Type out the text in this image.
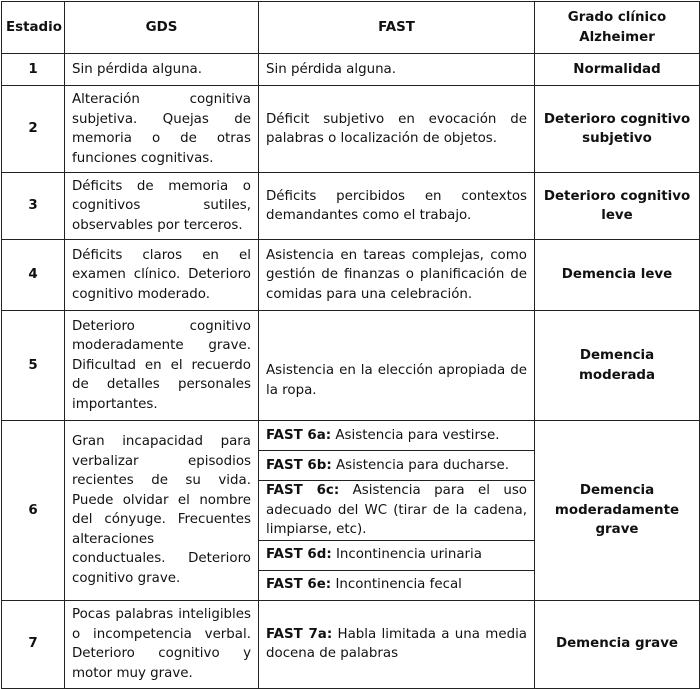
Estadio	GDS	FAST	Grado clínico Alzheimer
1	Sin pérdida alguna.	Sin pérdida alguna.	Normalidad
2	Alteración cognitiva subjetiva. Quejas de memoria o de otras funciones cognitivas.	Déficit subjetivo en evocación de palabras o localización de objetos.	Deterioro cognitivo subjetivo
3	Déficits de memoria o cognitivos sutiles, observables por terceros.	Déficits percibidos en contextos demandantes como el trabajo.	Deterioro cognitivo leve
4	Déficits claros en el examen clínico. Deterioro cognitivo moderado.	Asistencia en tareas complejas, como gestión de finanzas o planificación de comidas para una celebración.	Demencia leve
5	Deterioro cognitivo moderadamente grave. Dificultad en el recuerdo de detalles personales importantes.	Asistencia en la elección apropiada de la ropa.	Demencia moderada
6	Gran incapacidad para verbalizar episodios recientes de su vida. Puede olvidar el nombre del cónyuge. Frecuentes alteraciones conductuales. Deterioro cognitivo grave.	FAST 6a: Asistencia para vestirse.	Demencia moderadamente grave
		FAST 6b: Asistencia para ducharse.	
		FAST 6c: Asistencia para el uso adecuado del WC (tirar de la cadena, limpiarse, etc).	
		FAST 6d: Incontinencia urinaria	
		FAST 6e: Incontinencia fecal	
7	Pocas palabras inteligibles o incompetencia verbal. Deterioro cognitivo y motor muy grave.	FAST 7a: Habla limitada a una media docena de palabras	Demencia grave
